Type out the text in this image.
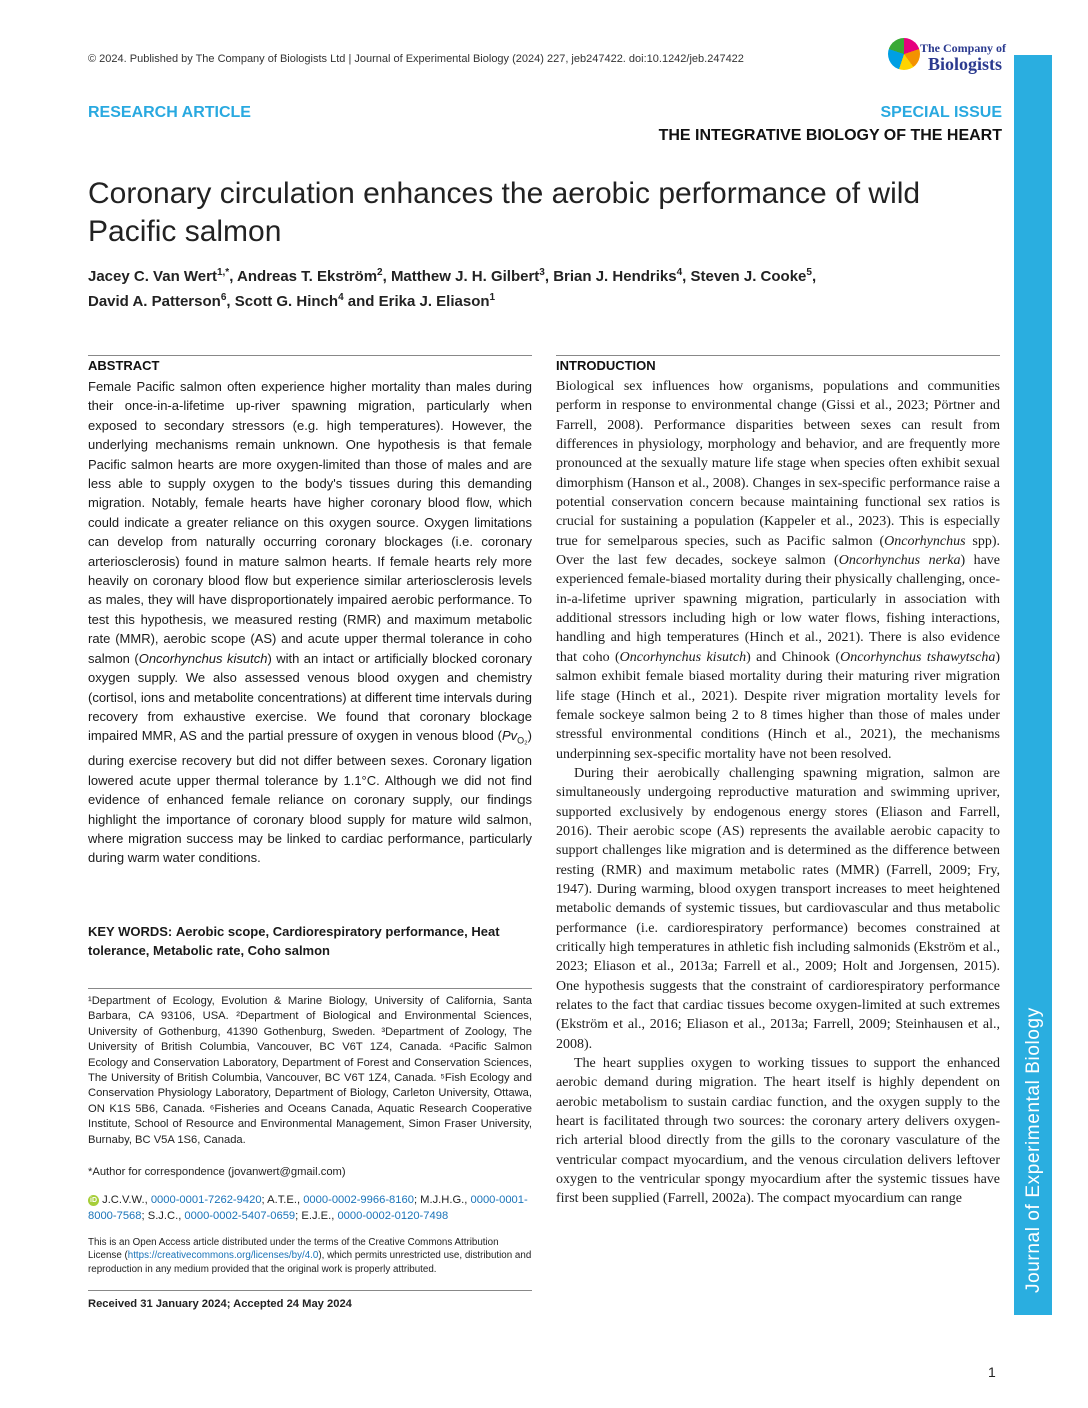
© 2024. Published by The Company of Biologists Ltd | Journal of Experimental Biology (2024) 227, jeb247422. doi:10.1242/jeb.247422
The Company of
Biologists
Journal of Experimental Biology
RESEARCH ARTICLE	SPECIAL ISSUE
THE INTEGRATIVE BIOLOGY OF THE HEART
Coronary circulation enhances the aerobic performance of wild Pacific salmon
Jacey C. Van Wert$^{1,*}$, Andreas T. Ekström$^2$, Matthew J. H. Gilbert$^3$, Brian J. Hendriks$^4$, Steven J. Cooke$^5$,
David A. Patterson$^6$, Scott G. Hinch$^4$ and Erika J. Eliason$^1$
ABSTRACT
Female Pacific salmon often experience higher mortality than males during their once-in-a-lifetime up-river spawning migration, particularly when exposed to secondary stressors (e.g. high temperatures). However, the underlying mechanisms remain unknown. One hypothesis is that female Pacific salmon hearts are more oxygen-limited than those of males and are less able to supply oxygen to the body's tissues during this demanding migration. Notably, female hearts have higher coronary blood flow, which could indicate a greater reliance on this oxygen source. Oxygen limitations can develop from naturally occurring coronary blockages (i.e. coronary arteriosclerosis) found in mature salmon hearts. If female hearts rely more heavily on coronary blood flow but experience similar arteriosclerosis levels as males, they will have disproportionately impaired aerobic performance. To test this hypothesis, we measured resting (RMR) and maximum metabolic rate (MMR), aerobic scope (AS) and acute upper thermal tolerance in coho salmon (Oncorhynchus kisutch) with an intact or artificially blocked coronary oxygen supply. We also assessed venous blood oxygen and chemistry (cortisol, ions and metabolite concentrations) at different time intervals during recovery from exhaustive exercise. We found that coronary blockage impaired MMR, AS and the partial pressure of oxygen in venous blood $(Pv_{O_2})$ during exercise recovery but did not differ between sexes. Coronary ligation lowered acute upper thermal tolerance by 1.1°C. Although we did not find evidence of enhanced female reliance on coronary supply, our findings highlight the importance of coronary blood supply for mature wild salmon, where migration success may be linked to cardiac performance, particularly during warm water conditions.
KEY WORDS: Aerobic scope, Cardiorespiratory performance, Heat tolerance, Metabolic rate, Coho salmon
¹Department of Ecology, Evolution & Marine Biology, University of California, Santa Barbara, CA 93106, USA. ²Department of Biological and Environmental Sciences, University of Gothenburg, 41390 Gothenburg, Sweden. ³Department of Zoology, The University of British Columbia, Vancouver, BC V6T 1Z4, Canada. ⁴Pacific Salmon Ecology and Conservation Laboratory, Department of Forest and Conservation Sciences, The University of British Columbia, Vancouver, BC V6T 1Z4, Canada. ⁵Fish Ecology and Conservation Physiology Laboratory, Department of Biology, Carleton University, Ottawa, ON K1S 5B6, Canada. ⁶Fisheries and Oceans Canada, Aquatic Research Cooperative Institute, School of Resource and Environmental Management, Simon Fraser University, Burnaby, BC V5A 1S6, Canada.
*Author for correspondence (jovanwert@gmail.com)
iD J.C.V.W., 0000-0001-7262-9420; A.T.E., 0000-0002-9966-8160; M.J.H.G., 0000-0001-8000-7568; S.J.C., 0000-0002-5407-0659; E.J.E., 0000-0002-0120-7498
This is an Open Access article distributed under the terms of the Creative Commons Attribution License (https://creativecommons.org/licenses/by/4.0), which permits unrestricted use, distribution and reproduction in any medium provided that the original work is properly attributed.
Received 31 January 2024; Accepted 24 May 2024
INTRODUCTION

Biological sex influences how organisms, populations and communities perform in response to environmental change (Gissi et al., 2023; Pörtner and Farrell, 2008). Performance disparities between sexes can result from differences in physiology, morphology and behavior, and are frequently more pronounced at the sexually mature life stage when species often exhibit sexual dimorphism (Hanson et al., 2008). Changes in sex-specific performance raise a potential conservation concern because maintaining functional sex ratios is crucial for sustaining a population (Kappeler et al., 2023). This is especially true for semelparous species, such as Pacific salmon (Oncorhynchus spp). Over the last few decades, sockeye salmon (Oncorhynchus nerka) have experienced female-biased mortality during their physically challenging, once-in-a-lifetime upriver spawning migration, particularly in association with additional stressors including high or low water flows, fishing interactions, handling and high temperatures (Hinch et al., 2021). There is also evidence that coho (Oncorhynchus kisutch) and Chinook (Oncorhynchus tshawytscha) salmon exhibit female biased mortality during their maturing river migration life stage (Hinch et al., 2021). Despite river migration mortality levels for female sockeye salmon being 2 to 8 times higher than those of males under stressful environmental conditions (Hinch et al., 2021), the mechanisms underpinning sex-specific mortality have not been resolved.

During their aerobically challenging spawning migration, salmon are simultaneously undergoing reproductive maturation and swimming upriver, supported exclusively by endogenous energy stores (Eliason and Farrell, 2016). Their aerobic scope (AS) represents the available aerobic capacity to support challenges like migration and is determined as the difference between resting (RMR) and maximum metabolic rates (MMR) (Farrell, 2009; Fry, 1947). During warming, blood oxygen transport increases to meet heightened metabolic demands of systemic tissues, but cardiovascular and thus metabolic performance (i.e. cardiorespiratory performance) becomes constrained at critically high temperatures in athletic fish including salmonids (Ekström et al., 2023; Eliason et al., 2013a; Farrell et al., 2009; Holt and Jorgensen, 2015). One hypothesis suggests that the constraint of cardiorespiratory performance relates to the fact that cardiac tissues become oxygen-limited at such extremes (Ekström et al., 2016; Eliason et al., 2013a; Farrell, 2009; Steinhausen et al., 2008).

The heart supplies oxygen to working tissues to support the enhanced aerobic demand during migration. The heart itself is highly dependent on aerobic metabolism to sustain cardiac function, and the oxygen supply to the heart is facilitated through two sources: the coronary artery delivers oxygen-rich arterial blood directly from the gills to the coronary vasculature of the ventricular compact myocardium, and the venous circulation delivers leftover oxygen to the ventricular spongy myocardium after the systemic tissues have first been supplied (Farrell, 2002a). The compact myocardium can range

1
